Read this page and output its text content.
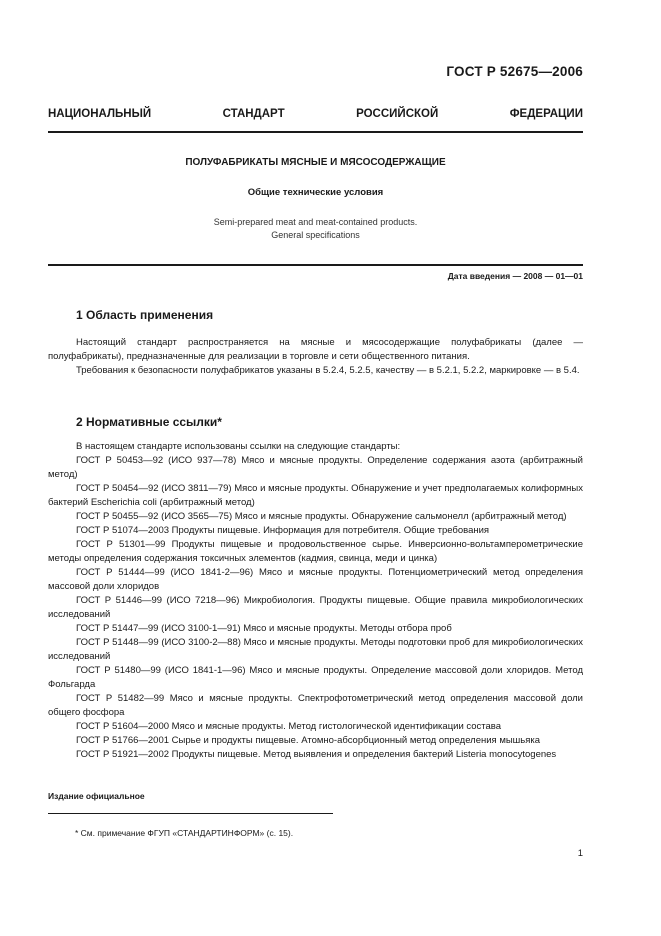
ГОСТ Р 52675—2006
НАЦИОНАЛЬНЫЙ	СТАНДАРТ	РОССИЙСКОЙ	ФЕДЕРАЦИИ
ПОЛУФАБРИКАТЫ МЯСНЫЕ И МЯСОСОДЕРЖАЩИЕ
Общие технические условия
Semi-prepared meat and meat-contained products.
General specifications
Дата введения — 2008 — 01—01
1 Область применения

Настоящий стандарт распространяется на мясные и мясосодержащие полуфабрикаты (далее — полуфабрикаты), предназначенные для реализации в торговле и сети общественного питания.

Требования к безопасности полуфабрикатов указаны в 5.2.4, 5.2.5, качеству — в 5.2.1, 5.2.2, маркировке — в 5.4.

2 Нормативные ссылки*

В настоящем стандарте использованы ссылки на следующие стандарты:

ГОСТ Р 50453—92 (ИСО 937—78) Мясо и мясные продукты. Определение содержания азота (арбитражный метод)

ГОСТ Р 50454—92 (ИСО 3811—79) Мясо и мясные продукты. Обнаружение и учет предполагаемых колиформных бактерий Escherichia coli (арбитражный метод)

ГОСТ Р 50455—92 (ИСО 3565—75) Мясо и мясные продукты. Обнаружение сальмонелл (арбитражный метод)

ГОСТ Р 51074—2003 Продукты пищевые. Информация для потребителя. Общие требования

ГОСТ Р 51301—99 Продукты пищевые и продовольственное сырье. Инверсионно-вольтамперометрические методы определения содержания токсичных элементов (кадмия, свинца, меди и цинка)

ГОСТ Р 51444—99 (ИСО 1841-2—96) Мясо и мясные продукты. Потенциометрический метод определения массовой доли хлоридов

ГОСТ Р 51446—99 (ИСО 7218—96) Микробиология. Продукты пищевые. Общие правила микробиологических исследований

ГОСТ Р 51447—99 (ИСО 3100-1—91) Мясо и мясные продукты. Методы отбора проб

ГОСТ Р 51448—99 (ИСО 3100-2—88) Мясо и мясные продукты. Методы подготовки проб для микробиологических исследований

ГОСТ Р 51480—99 (ИСО 1841-1—96) Мясо и мясные продукты. Определение массовой доли хлоридов. Метод Фольгарда

ГОСТ Р 51482—99 Мясо и мясные продукты. Спектрофотометрический метод определения массовой доли общего фосфора

ГОСТ Р 51604—2000 Мясо и мясные продукты. Метод гистологической идентификации состава

ГОСТ Р 51766—2001 Сырье и продукты пищевые. Атомно-абсорбционный метод определения мышьяка

ГОСТ Р 51921—2002 Продукты пищевые. Метод выявления и определения бактерий Listeria monocytogenes

Издание официальное
* См. примечание ФГУП «СТАНДАРТИНФОРМ» (с. 15).
1
